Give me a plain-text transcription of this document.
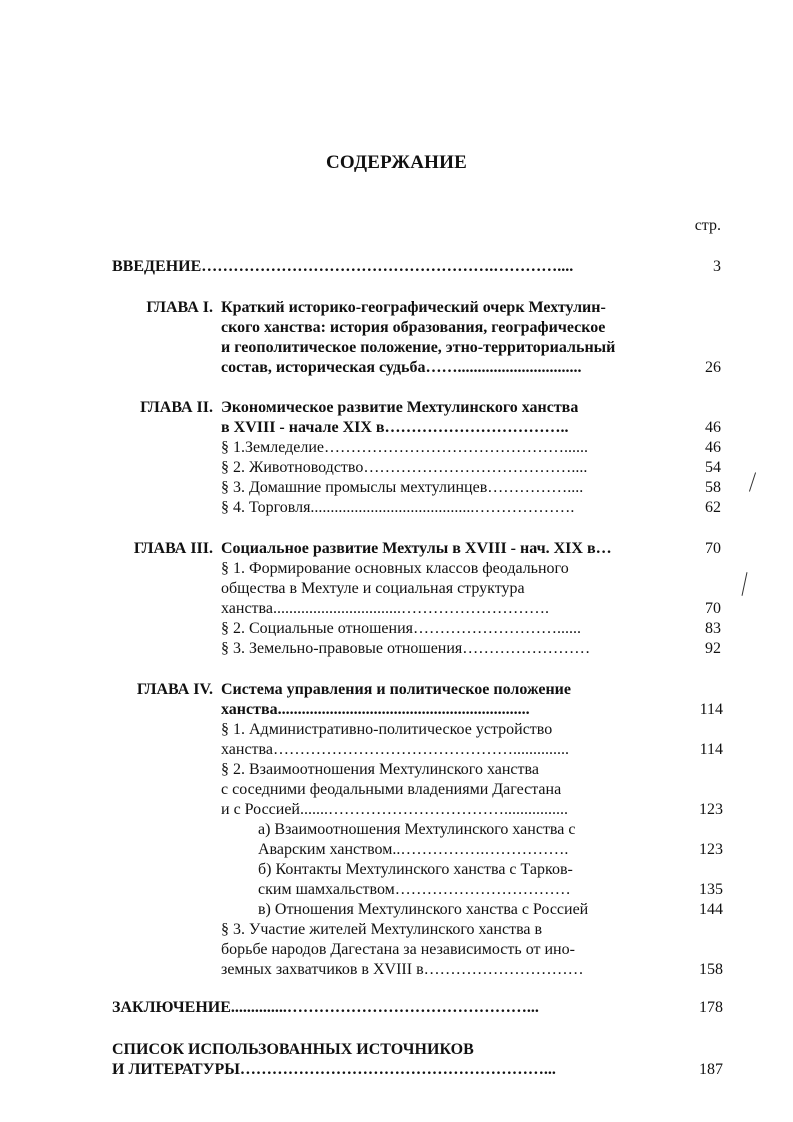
СОДЕРЖАНИЕ
стр.
ВВЕДЕНИЕ……………………………………………….…………....	3
ГЛАВА I. Краткий историко-географический очерк Мехтулин-
ского ханства: история образования, географическое
и геополитическое положение, этно-территориальный
состав, историческая судьба……...............................	26
ГЛАВА II. Экономическое развитие Мехтулинского ханства
в XVIII - начале XIX в……………………………..	46
§ 1.Земледелие………………………………………......	46
§ 2. Животноводство…………………………………....	54
§ 3. Домашние промыслы мехтулинцев……………....	58
§ 4. Торговля.........................................……………….	62
ГЛАВА III. Социальное развитие Мехтулы в XVIII - нач. XIX в…	70
§ 1. Формирование основных классов феодального
общества в Мехтуле и социальная структура
ханства................................……………………….	70
§ 2. Социальные отношения………………………......	83
§ 3. Земельно-правовые отношения……………………	92
ГЛАВА IV. Система управления и политическое положение
ханства...............................................................	114
§ 1. Административно-политическое устройство
ханства………………………………………..............	114
§ 2. Взаимоотношения Мехтулинского ханства
с соседними феодальными владениями Дагестана
и с Россией.......……………………………................	123
а) Взаимоотношения Мехтулинского ханства с
Аварским ханством..…………….…………….	123
б) Контакты Мехтулинского ханства с Тарков-
ским шамхальством……………………………	135
в) Отношения Мехтулинского ханства с Россией	144
§ 3. Участие жителей Мехтулинского ханства в
борьбе народов Дагестана за независимость от ино-
земных захватчиков в XVIII в…………………………	158
ЗАКЛЮЧЕНИЕ..............………………………………………...	178
СПИСОК ИСПОЛЬЗОВАННЫХ ИСТОЧНИКОВ
И ЛИТЕРАТУРЫ…………………………………………………...	187
